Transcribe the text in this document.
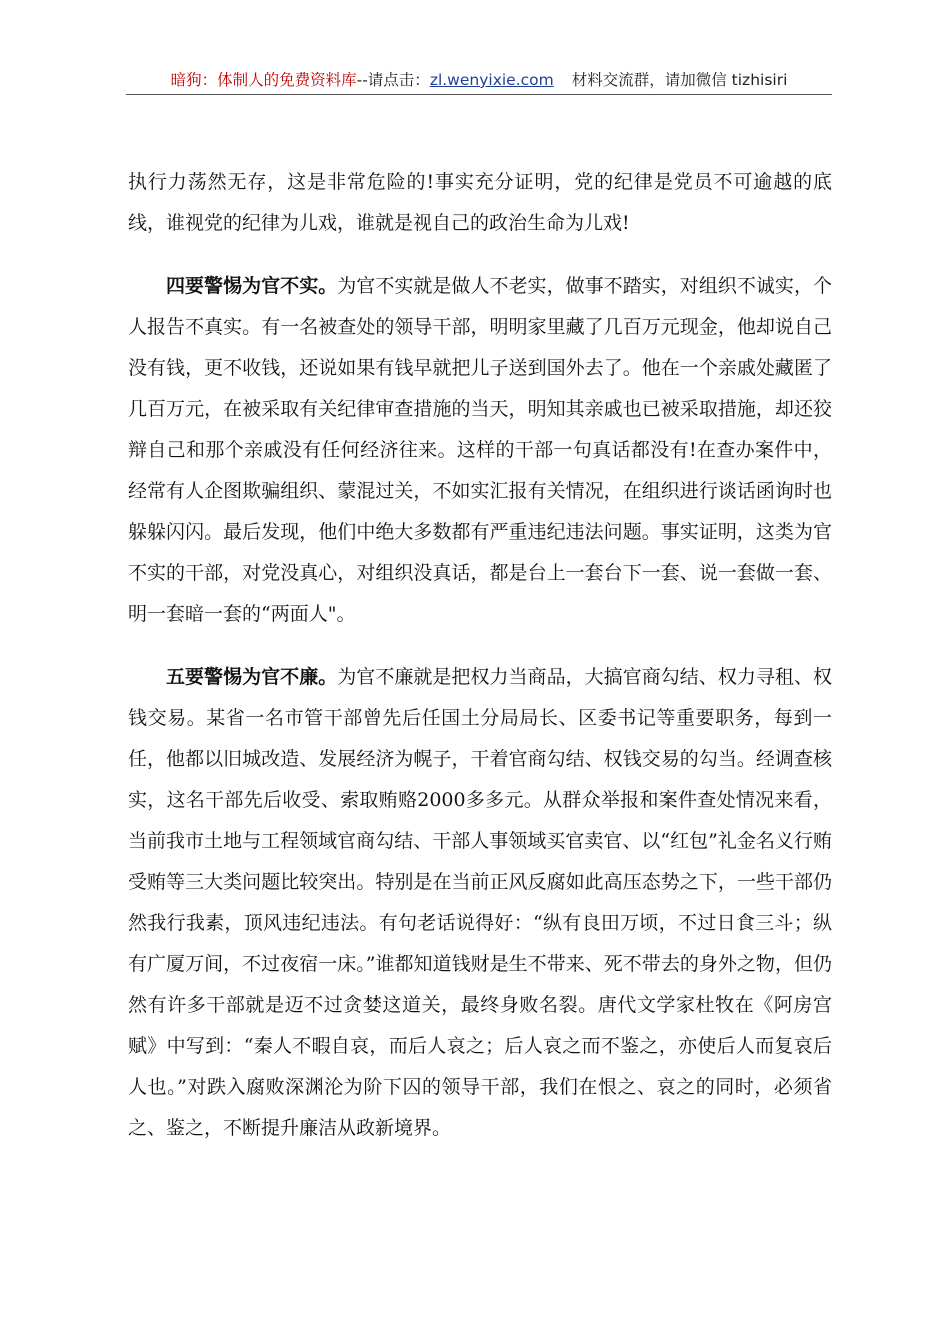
暗狗：体制人的免费资料库--请点击：zl.wenyixie.com 材料交流群，请加微信 tizhisiri

执行力荡然无存，这是非常危险的!事实充分证明，党的纪律是党员不可逾越的底线，谁视党的纪律为儿戏，谁就是视自己的政治生命为儿戏!

四要警惕为官不实。为官不实就是做人不老实，做事不踏实，对组织不诚实，个人报告不真实。有一名被查处的领导干部，明明家里藏了几百万元现金，他却说自己没有钱，更不收钱，还说如果有钱早就把儿子送到国外去了。他在一个亲戚处藏匿了几百万元，在被采取有关纪律审查措施的当天，明知其亲戚也已被采取措施，却还狡辩自己和那个亲戚没有任何经济往来。这样的干部一句真话都没有!在查办案件中，经常有人企图欺骗组织、蒙混过关，不如实汇报有关情况，在组织进行谈话函询时也躲躲闪闪。最后发现，他们中绝大多数都有严重违纪违法问题。事实证明，这类为官不实的干部，对党没真心，对组织没真话，都是台上一套台下一套、说一套做一套、明一套暗一套的“两面人"。

五要警惕为官不廉。为官不廉就是把权力当商品，大搞官商勾结、权力寻租、权钱交易。某省一名市管干部曾先后任国土分局局长、区委书记等重要职务，每到一任，他都以旧城改造、发展经济为幌子，干着官商勾结、权钱交易的勾当。经调查核实，这名干部先后收受、索取贿赂2000多多元。从群众举报和案件查处情况来看，当前我市土地与工程领域官商勾结、干部人事领域买官卖官、以“红包”礼金名义行贿受贿等三大类问题比较突出。特别是在当前正风反腐如此高压态势之下，一些干部仍然我行我素，顶风违纪违法。有句老话说得好：“纵有良田万顷，不过日食三斗；纵有广厦万间，不过夜宿一床。”谁都知道钱财是生不带来、死不带去的身外之物，但仍然有许多干部就是迈不过贪婪这道关，最终身败名裂。唐代文学家杜牧在《阿房宫赋》中写到：“秦人不暇自哀，而后人哀之；后人哀之而不鉴之，亦使后人而复哀后人也。”对跌入腐败深渊沦为阶下囚的领导干部，我们在恨之、哀之的同时，必须省之、鉴之，不断提升廉洁从政新境界。
